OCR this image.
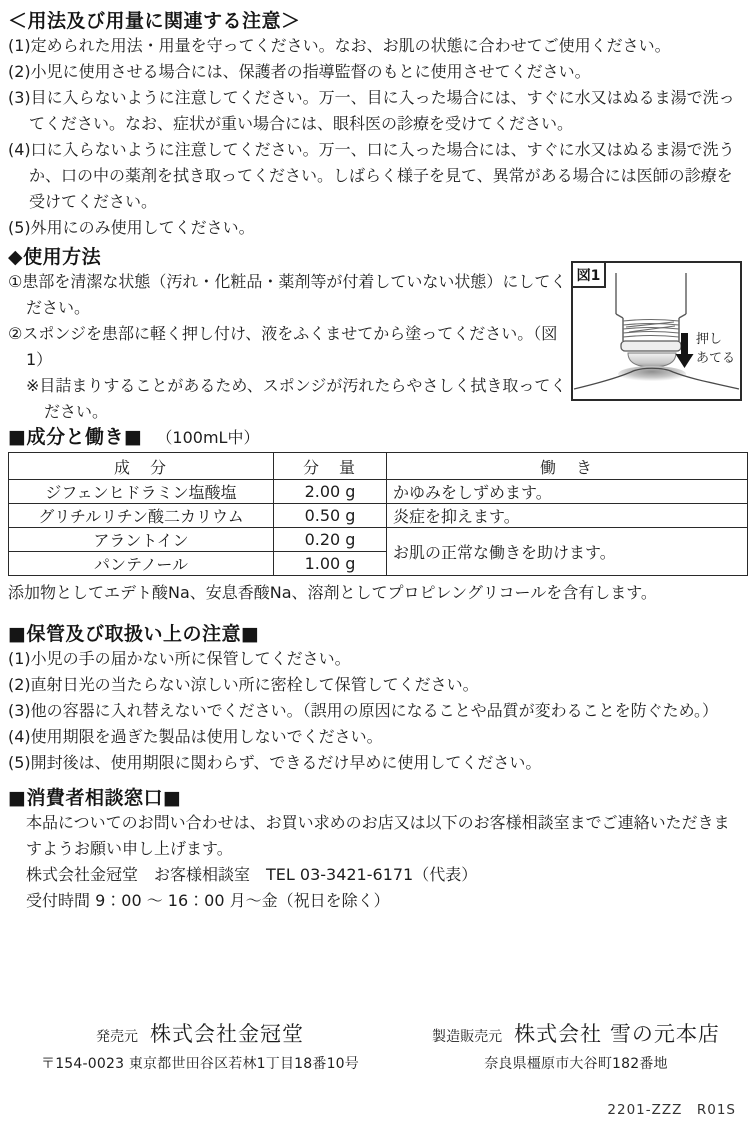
＜用法及び用量に関連する注意＞
(1)定められた用法・用量を守ってください。なお、お肌の状態に合わせてご使用ください。
(2)小児に使用させる場合には、保護者の指導監督のもとに使用させてください。
(3)目に入らないように注意してください。万一、目に入った場合には、すぐに水又はぬるま湯で洗ってください。なお、症状が重い場合には、眼科医の診療を受けてください。
(4)口に入らないように注意してください。万一、口に入った場合には、すぐに水又はぬるま湯で洗うか、口の中の薬剤を拭き取ってください。しばらく様子を見て、異常がある場合には医師の診療を受けてください。
(5)外用にのみ使用してください。
◆使用方法
①患部を清潔な状態（汚れ・化粧品・薬剤等が付着していない状態）にしてください。
②スポンジを患部に軽く押し付け、液をふくませてから塗ってください。（図1）
※目詰まりすることがあるため、スポンジが汚れたらやさしく拭き取ってください。
押し
あてる
図1
■成分と働き■ （100mL中）
成　分	分　量	働　き
ジフェンヒドラミン塩酸塩	2.00 g	かゆみをしずめます。
グリチルリチン酸二カリウム	0.50 g	炎症を抑えます。
アラントイン	0.20 g	お肌の正常な働きを助けます。
パンテノール	1.00 g	
添加物としてエデト酸Na、安息香酸Na、溶剤としてプロピレングリコールを含有します。
■保管及び取扱い上の注意■
(1)小児の手の届かない所に保管してください。
(2)直射日光の当たらない涼しい所に密栓して保管してください。
(3)他の容器に入れ替えないでください。（誤用の原因になることや品質が変わることを防ぐため。）
(4)使用期限を過ぎた製品は使用しないでください。
(5)開封後は、使用期限に関わらず、できるだけ早めに使用してください。
■消費者相談窓口■
本品についてのお問い合わせは、お買い求めのお店又は以下のお客様相談室までご連絡いただきますようお願い申し上げます。
株式会社金冠堂　お客様相談室　TEL 03-3421-6171（代表）
受付時間 9：00 ～ 16：00 月～金（祝日を除く）
発売元 株式会社金冠堂
〒154-0023 東京都世田谷区若林1丁目18番10号
製造販売元 株式会社 雪の元本店
奈良県橿原市大谷町182番地
2201-ZZZ　R01S
